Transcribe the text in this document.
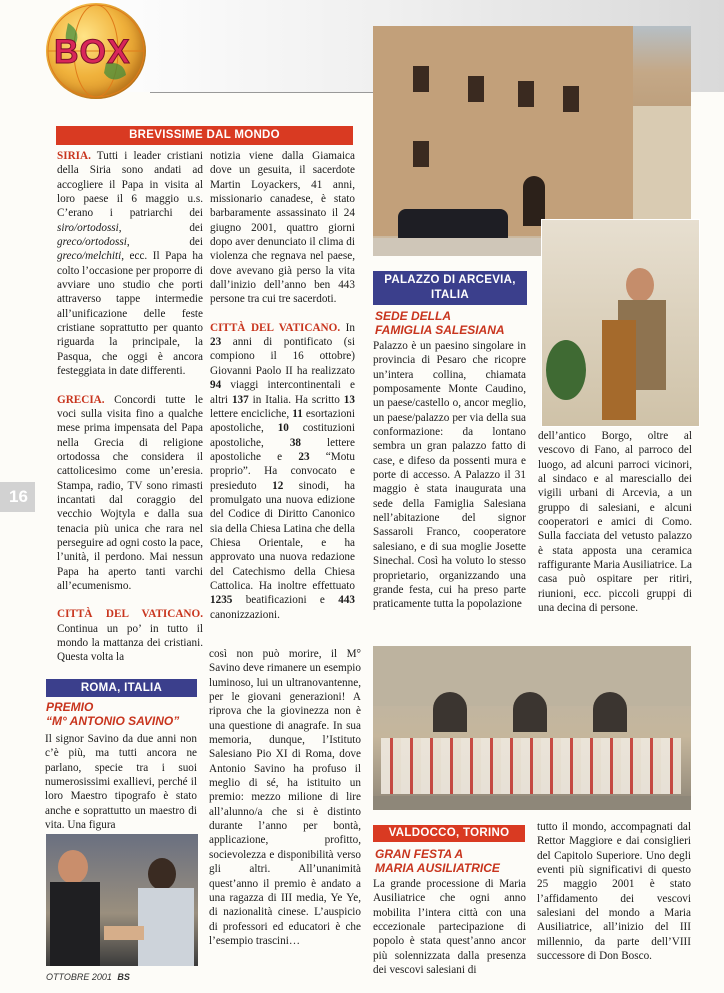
BOX
16
BREVISSIME DAL MONDO
SIRIA. Tutti i leader cristiani della Siria sono andati ad accogliere il Papa in visita al loro paese il 6 maggio u.s. C’erano i patriarchi dei siro/ortodossi, dei greco/ortodossi, dei greco/melchiti, ecc. Il Papa ha colto l’occasione per proporre di avviare uno studio che porti attraverso tappe intermedie all’unificazione delle feste cristiane soprattutto per quanto riguarda la principale, la Pasqua, che oggi è ancora festeggiata in date differenti.

GRECIA. Concordi tutte le voci sulla visita fino a qualche mese prima impensata del Papa nella Grecia di religione ortodossa che considera il cattolicesimo come un’eresia. Stampa, radio, TV sono rimasti incantati dal coraggio del vecchio Wojtyla e dalla sua tenacia più unica che rara nel perseguire ad ogni costo la pace, l’unità, il perdono. Mai nessun Papa ha aperto tanti varchi all’ecumenismo.

CITTÀ DEL VATICANO. Continua un po’ in tutto il mondo la mattanza dei cristiani. Questa volta la

notizia viene dalla Giamaica dove un gesuita, il sacerdote Martin Loyackers, 41 anni, missionario canadese, è stato barbaramente assassinato il 24 giugno 2001, quattro giorni dopo aver denunciato il clima di violenza che regnava nel paese, dove avevano già perso la vita dall’inizio dell’anno ben 443 persone tra cui tre sacerdoti.

CITTÀ DEL VATICANO. In 23 anni di pontificato (si compiono il 16 ottobre) Giovanni Paolo II ha realizzato 94 viaggi intercontinentali e altri 137 in Italia. Ha scritto 13 lettere encicliche, 11 esortazioni apostoliche, 10 costituzioni apostoliche, 38 lettere apostoliche e 23 “Motu proprio”. Ha convocato e presieduto 12 sinodi, ha promulgato una nuova edizione del Codice di Diritto Canonico sia della Chiesa Latina che della Chiesa Orientale, e ha approvato una nuova redazione del Catechismo della Chiesa Cattolica. Ha inoltre effettuato 1235 beatificazioni e 443 canonizzazioni.

PALAZZO DI ARCEVIA,
ITALIA
SEDE DELLA
FAMIGLIA SALESIANA
Palazzo è un paesino singolare in provincia di Pesaro che ricopre un’intera collina, chiamata pomposamente Monte Caudino, un paese/castello o, ancor meglio, un paese/palazzo per via della sua conformazione: da lontano sembra un gran palazzo fatto di case, e difeso da possenti mura e porte di accesso. A Palazzo il 31 maggio è stata inaugurata una sede della Famiglia Salesiana nell’abitazione del signor Sassaroli Franco, cooperatore salesiano, e di sua moglie Josette Sinechal. Così ha voluto lo stesso proprietario, organizzando una grande festa, cui ha preso parte praticamente tutta la popolazione
dell’antico Borgo, oltre al vescovo di Fano, al parroco del luogo, ad alcuni parroci vicinori, al sindaco e al maresciallo dei vigili urbani di Arcevia, a un gruppo di salesiani, e alcuni cooperatori e amici di Como. Sulla facciata del vetusto palazzo è stata apposta una ceramica raffigurante Maria Ausiliatrice. La casa può ospitare per ritiri, riunioni, ecc. piccoli gruppi di una decina di persone.
ROMA, ITALIA
PREMIO
“M° ANTONIO SAVINO”
Il signor Savino da due anni non c’è più, ma tutti ancora ne parlano, specie tra i suoi numerosissimi exallievi, perché il loro Maestro tipografo è stato anche e soprattutto un maestro di vita. Una figura
così non può morire, il M° Savino deve rimanere un esempio luminoso, lui un ultranovantenne, per le giovani generazioni! A riprova che la giovinezza non è una questione di anagrafe. In sua memoria, dunque, l’Istituto Salesiano Pio XI di Roma, dove Antonio Savino ha profuso il meglio di sé, ha istituito un premio: mezzo milione di lire all’alunno/a che si è distinto durante l’anno per bontà, applicazione, profitto, socievolezza e disponibilità verso gli altri. All’unanimità quest’anno il premio è andato a una ragazza di III media, Ye Ye, di nazionalità cinese. L’auspicio di professori ed educatori è che l’esempio trascini…
VALDOCCO, TORINO
GRAN FESTA A
MARIA AUSILIATRICE
La grande processione di Maria Ausiliatrice che ogni anno mobilita l’intera città con una eccezionale partecipazione di popolo è stata quest’anno ancor più solennizzata dalla presenza dei vescovi salesiani di
tutto il mondo, accompagnati dal Rettor Maggiore e dai consiglieri del Capitolo Superiore. Uno degli eventi più significativi di questo 25 maggio 2001 è stato l’affidamento dei vescovi salesiani del mondo a Maria Ausiliatrice, all’inizio del III millennio, da parte dell’VIII successore di Don Bosco.
OTTOBRE 2001 BS
